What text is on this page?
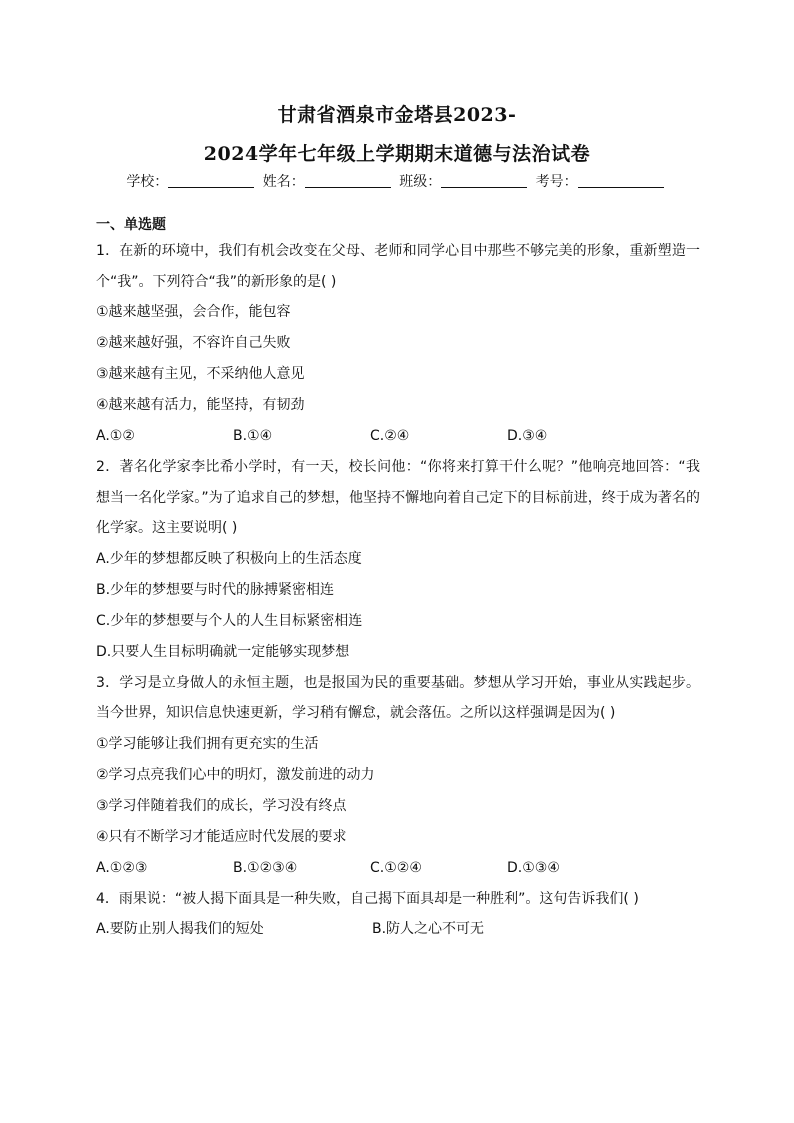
甘肃省酒泉市金塔县2023-
2024学年七年级上学期期末道德与法治试卷
学校：	姓名：	班级：	考号：
一、单选题
1．在新的环境中，我们有机会改变在父母、老师和同学心目中那些不够完美的形象，重新塑造一个“我”。下列符合“我”的新形象的是( )
①越来越坚强，会合作，能包容
②越来越好强，不容许自己失败
③越来越有主见，不采纳他人意见
④越来越有活力，能坚持，有韧劲
A.①②	B.①④	C.②④	D.③④
2．著名化学家李比希小学时，有一天，校长问他：“你将来打算干什么呢？”他响亮地回答：“我想当一名化学家。”为了追求自己的梦想，他坚持不懈地向着自己定下的目标前进，终于成为著名的化学家。这主要说明( )
A.少年的梦想都反映了积极向上的生活态度
B.少年的梦想要与时代的脉搏紧密相连
C.少年的梦想要与个人的人生目标紧密相连
D.只要人生目标明确就一定能够实现梦想
3．学习是立身做人的永恒主题，也是报国为民的重要基础。梦想从学习开始，事业从实践起步。当今世界，知识信息快速更新，学习稍有懈怠，就会落伍。之所以这样强调是因为( )
①学习能够让我们拥有更充实的生活
②学习点亮我们心中的明灯，激发前进的动力
③学习伴随着我们的成长，学习没有终点
④只有不断学习才能适应时代发展的要求
A.①②③	B.①②③④	C.①②④	D.①③④
4．雨果说：“被人揭下面具是一种失败，自己揭下面具却是一种胜利”。这句告诉我们( )
A.要防止别人揭我们的短处	B.防人之心不可无
